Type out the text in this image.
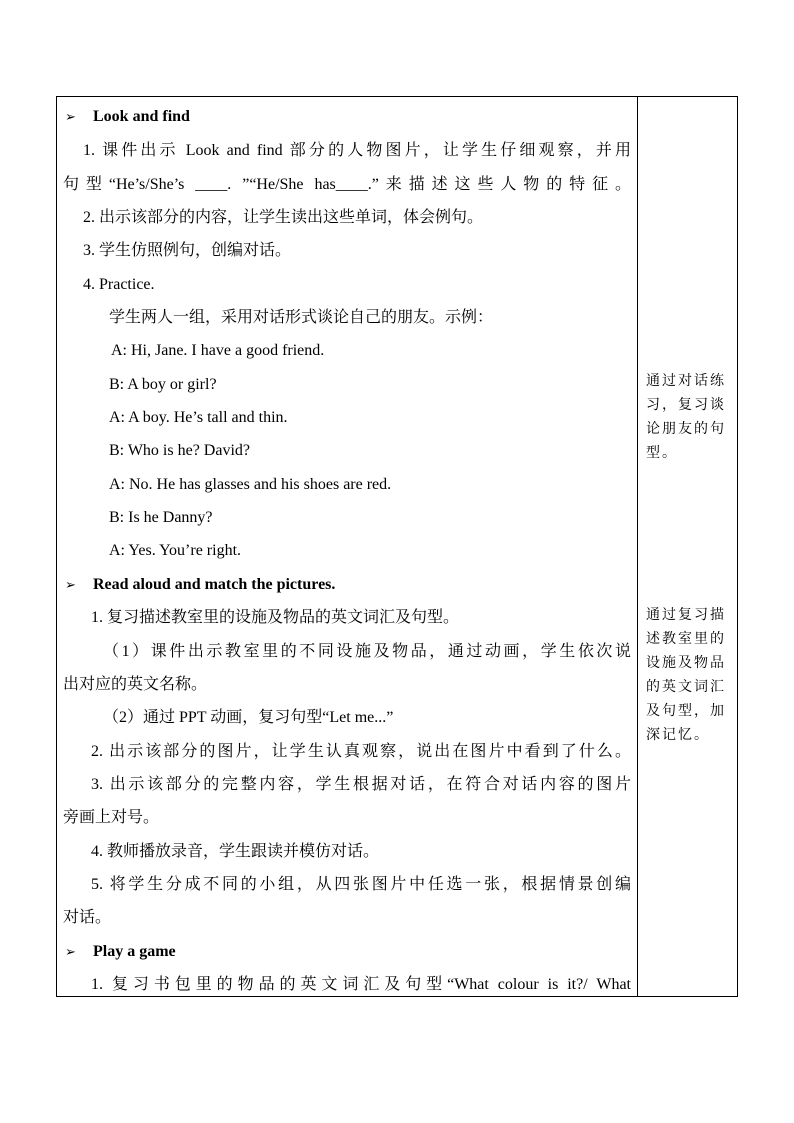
➢ Look and find
1. 课件出示 Look and find 部分的人物图片，让学生仔细观察，并用
句型“He’s/She’s ____. ”“He/She has____.”来描述这些人物的特征。
2. 出示该部分的内容，让学生读出这些单词，体会例句。
3. 学生仿照例句，创编对话。
4. Practice.
学生两人一组，采用对话形式谈论自己的朋友。示例：
A: Hi, Jane. I have a good friend.
B: A boy or girl?
A: A boy. He’s tall and thin.
B: Who is he? David?
A: No. He has glasses and his shoes are red.
B: Is he Danny?
A: Yes. You’re right.
➢ Read aloud and match the pictures.
1. 复习描述教室里的设施及物品的英文词汇及句型。
（1）课件出示教室里的不同设施及物品，通过动画，学生依次说
出对应的英文名称。
（2）通过 PPT 动画，复习句型“Let me...”
2. 出示该部分的图片，让学生认真观察，说出在图片中看到了什么。
3. 出示该部分的完整内容，学生根据对话，在符合对话内容的图片
旁画上对号。
4. 教师播放录音，学生跟读并模仿对话。
5. 将学生分成不同的小组，从四张图片中任选一张，根据情景创编
对话。
➢ Play a game
1. 复习书包里的物品的英文词汇及句型“What colour is it?/ What
通过对话练
习，复习谈
论朋友的句
型。
通过复习描
述教室里的
设施及物品
的英文词汇
及句型，加
深记忆。
